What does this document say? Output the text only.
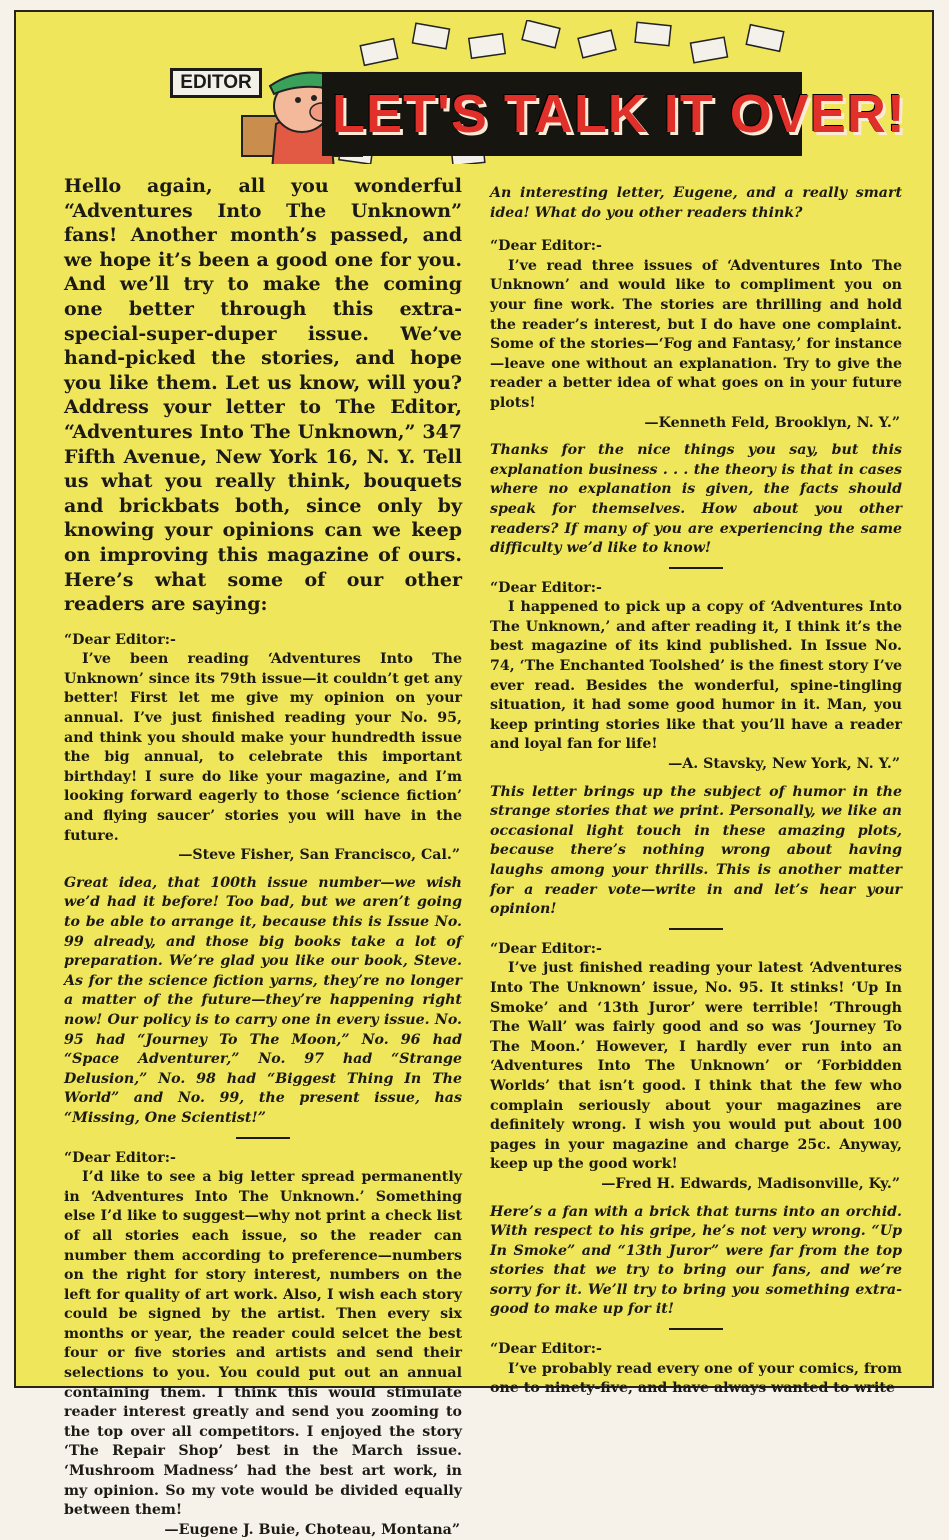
EDITOR
LET'S TALK IT OVER!

Hello again, all you wonderful “Adventures Into The Unknown” fans! Another month’s passed, and we hope it’s been a good one for you. And we’ll try to make the coming one better through this extra-special-super-duper issue. We’ve hand-picked the stories, and hope you like them. Let us know, will you? Address your letter to The Editor, “Adventures Into The Unknown,” 347 Fifth Avenue, New York 16, N. Y. Tell us what you really think, bouquets and brickbats both, since only by knowing your opinions can we keep on improving this magazine of ours. Here’s what some of our other readers are saying:

“Dear Editor:-
I’ve been reading ‘Adventures Into The Unknown’ since its 79th issue—it couldn’t get any better! First let me give my opinion on your annual. I’ve just finished reading your No. 95, and think you should make your hundredth issue the big annual, to celebrate this important birthday! I sure do like your magazine, and I’m looking forward eagerly to those ‘science fiction’ and flying saucer’ stories you will have in the future.
—Steve Fisher, San Francisco, Cal.”

Great idea, that 100th issue number—we wish we’d had it before! Too bad, but we aren’t going to be able to arrange it, because this is Issue No. 99 already, and those big books take a lot of preparation. We’re glad you like our book, Steve. As for the science fiction yarns, they’re no longer a matter of the future—they’re happening right now! Our policy is to carry one in every issue. No. 95 had “Journey To The Moon,” No. 96 had “Space Adventurer,” No. 97 had “Strange Delusion,” No. 98 had “Biggest Thing In The World” and No. 99, the present issue, has “Missing, One Scientist!”

“Dear Editor:-
I’d like to see a big letter spread permanently in ‘Adventures Into The Unknown.’ Something else I’d like to suggest—why not print a check list of all stories each issue, so the reader can number them according to preference—numbers on the right for story interest, numbers on the left for quality of art work. Also, I wish each story could be signed by the artist. Then every six months or year, the reader could selcet the best four or five stories and artists and send their selections to you. You could put out an annual containing them. I think this would stimulate reader interest greatly and send you zooming to the top over all competitors. I enjoyed the story ‘The Repair Shop’ best in the March issue. ‘Mushroom Madness’ had the best art work, in my opinion. So my vote would be divided equally between them!
—Eugene J. Buie, Choteau, Montana”

An interesting letter, Eugene, and a really smart idea! What do you other readers think?

“Dear Editor:-
I’ve read three issues of ‘Adventures Into The Unknown’ and would like to compliment you on your fine work. The stories are thrilling and hold the reader’s interest, but I do have one complaint. Some of the stories—‘Fog and Fantasy,’ for instance—leave one without an explanation. Try to give the reader a better idea of what goes on in your future plots!
—Kenneth Feld, Brooklyn, N. Y.”

Thanks for the nice things you say, but this explanation business . . . the theory is that in cases where no explanation is given, the facts should speak for themselves. How about you other readers? If many of you are experiencing the same difficulty we’d like to know!

“Dear Editor:-
I happened to pick up a copy of ‘Adventures Into The Unknown,’ and after reading it, I think it’s the best magazine of its kind published. In Issue No. 74, ‘The Enchanted Toolshed’ is the finest story I’ve ever read. Besides the wonderful, spine-tingling situation, it had some good humor in it. Man, you keep printing stories like that you’ll have a reader and loyal fan for life!
—A. Stavsky, New York, N. Y.”

This letter brings up the subject of humor in the strange stories that we print. Personally, we like an occasional light touch in these amazing plots, because there’s nothing wrong about having laughs among your thrills. This is another matter for a reader vote—write in and let’s hear your opinion!

“Dear Editor:-
I’ve just finished reading your latest ‘Adventures Into The Unknown’ issue, No. 95. It stinks! ‘Up In Smoke’ and ‘13th Juror’ were terrible! ‘Through The Wall’ was fairly good and so was ‘Journey To The Moon.’ However, I hardly ever run into an ‘Adventures Into The Unknown’ or ‘Forbidden Worlds’ that isn’t good. I think that the few who complain seriously about your magazines are definitely wrong. I wish you would put about 100 pages in your magazine and charge 25c. Anyway, keep up the good work!
—Fred H. Edwards, Madisonville, Ky.”

Here’s a fan with a brick that turns into an orchid. With respect to his gripe, he’s not very wrong. “Up In Smoke” and “13th Juror” were far from the top stories that we try to bring our fans, and we’re sorry for it. We’ll try to bring you something extra-good to make up for it!

“Dear Editor:-
I’ve probably read every one of your comics, from one to ninety-five, and have always wanted to write
